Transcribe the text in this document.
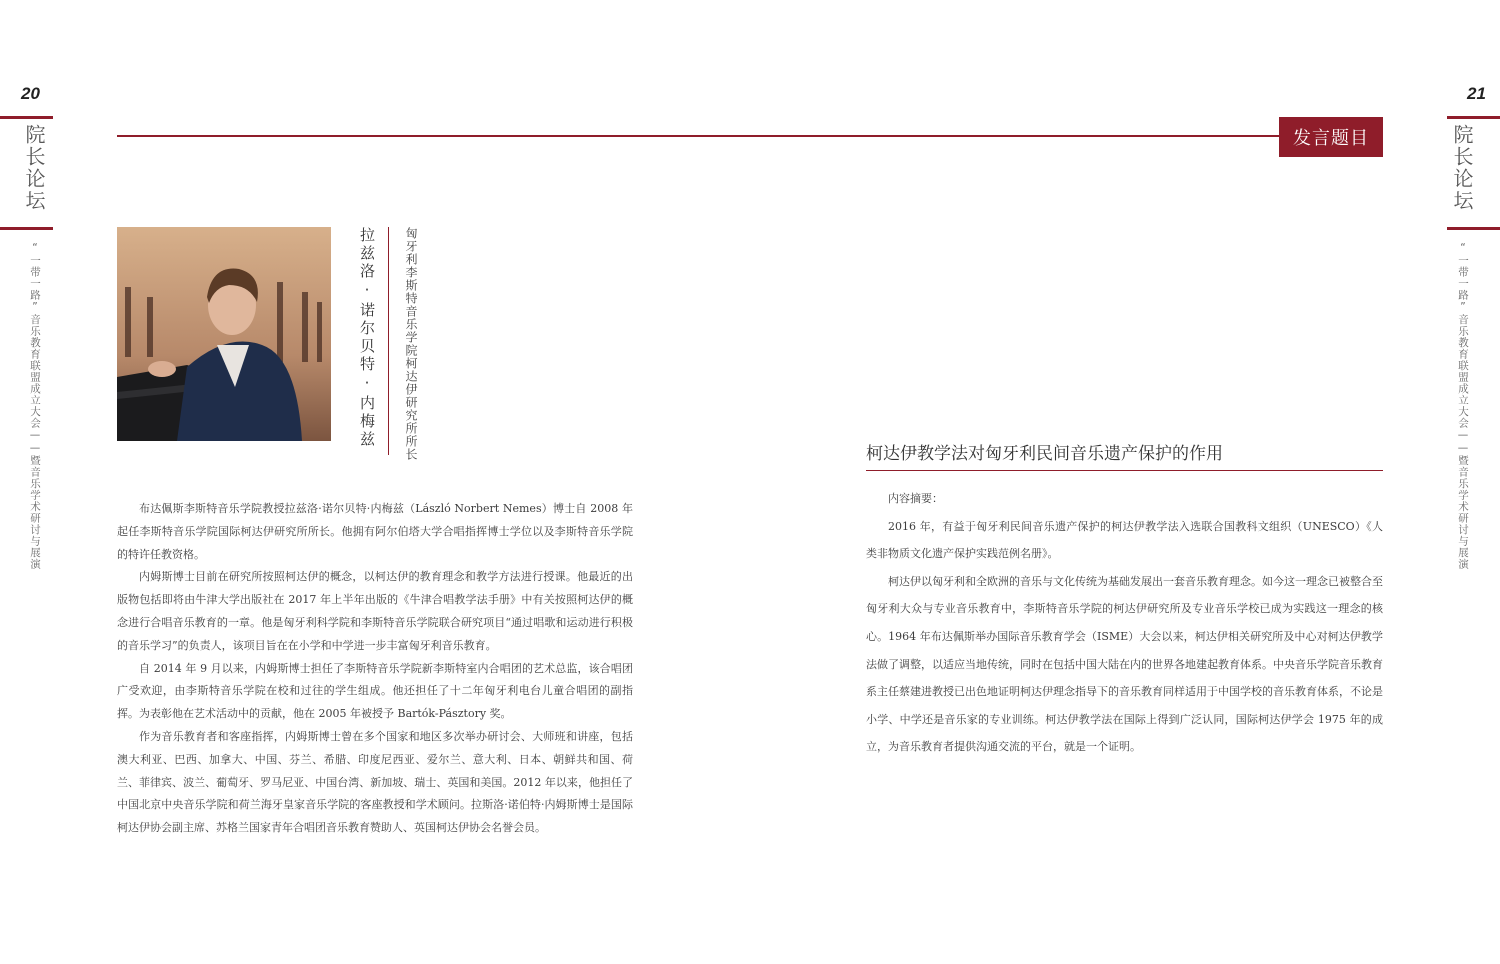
20
院长论坛
“一带一路”音乐教育联盟成立大会——暨音乐学术研讨与展演
21
院长论坛
“一带一路”音乐教育联盟成立大会——暨音乐学术研讨与展演
发言题目
拉兹洛·诺尔贝特·内梅兹 匈牙利李斯特音乐学院柯达伊研究所所长

布达佩斯李斯特音乐学院教授拉兹洛·诺尔贝特·内梅兹（László Norbert Nemes）博士自 2008 年起任李斯特音乐学院国际柯达伊研究所所长。他拥有阿尔伯塔大学合唱指挥博士学位以及李斯特音乐学院的特许任教资格。

内姆斯博士目前在研究所按照柯达伊的概念，以柯达伊的教育理念和教学方法进行授课。他最近的出版物包括即将由牛津大学出版社在 2017 年上半年出版的《牛津合唱教学法手册》中有关按照柯达伊的概念进行合唱音乐教育的一章。他是匈牙利科学院和李斯特音乐学院联合研究项目“通过唱歌和运动进行积极的音乐学习”的负责人，该项目旨在在小学和中学进一步丰富匈牙利音乐教育。

自 2014 年 9 月以来，内姆斯博士担任了李斯特音乐学院新李斯特室内合唱团的艺术总监，该合唱团广受欢迎，由李斯特音乐学院在校和过往的学生组成。他还担任了十二年匈牙利电台儿童合唱团的副指挥。为表彰他在艺术活动中的贡献，他在 2005 年被授予 Bartók-Pásztory 奖。

作为音乐教育者和客座指挥，内姆斯博士曾在多个国家和地区多次举办研讨会、大师班和讲座，包括澳大利亚、巴西、加拿大、中国、芬兰、希腊、印度尼西亚、爱尔兰、意大利、日本、朝鲜共和国、荷兰、菲律宾、波兰、葡萄牙、罗马尼亚、中国台湾、新加坡、瑞士、英国和美国。2012 年以来，他担任了中国北京中央音乐学院和荷兰海牙皇家音乐学院的客座教授和学术顾问。拉斯洛·诺伯特·内姆斯博士是国际柯达伊协会副主席、苏格兰国家青年合唱团音乐教育赞助人、英国柯达伊协会名誉会员。

柯达伊教学法对匈牙利民间音乐遗产保护的作用

内容摘要：

2016 年，有益于匈牙利民间音乐遗产保护的柯达伊教学法入选联合国教科文组织（UNESCO）《人类非物质文化遗产保护实践范例名册》。

柯达伊以匈牙利和全欧洲的音乐与文化传统为基础发展出一套音乐教育理念。如今这一理念已被整合至匈牙利大众与专业音乐教育中，李斯特音乐学院的柯达伊研究所及专业音乐学校已成为实践这一理念的核心。1964 年布达佩斯举办国际音乐教育学会（ISME）大会以来，柯达伊相关研究所及中心对柯达伊教学法做了调整，以适应当地传统，同时在包括中国大陆在内的世界各地建起教育体系。中央音乐学院音乐教育系主任蔡建进教授已出色地证明柯达伊理念指导下的音乐教育同样适用于中国学校的音乐教育体系，不论是小学、中学还是音乐家的专业训练。柯达伊教学法在国际上得到广泛认同，国际柯达伊学会 1975 年的成立，为音乐教育者提供沟通交流的平台，就是一个证明。
